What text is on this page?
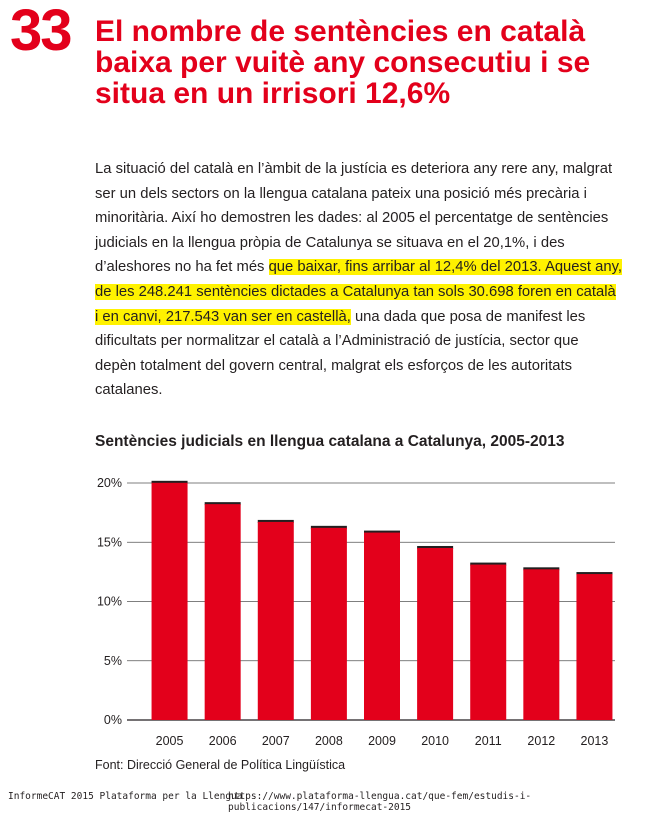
33 El nombre de sentències en català baixa per vuitè any consecutiu i se situa en un irrisori 12,6%
La situació del català en l’àmbit de la justícia es deteriora any rere any, malgrat ser un dels sectors on la llengua catalana pateix una posició més precària i minoritària. Així ho demostren les dades: al 2005 el percentatge de sentències judicials en la llengua pròpia de Catalunya se situava en el 20,1%, i des d’aleshores no ha fet més que baixar, fins arribar al 12,4% del 2013. Aquest any, de les 248.241 sentències dictades a Catalunya tan sols 30.698 foren en català i en canvi, 217.543 van ser en castellà, una dada que posa de manifest les dificultats per normalitzar el català a l’Administració de justícia, sector que depèn totalment del govern central, malgrat els esforços de les autoritats catalanes.
Sentències judicials en llengua catalana a Catalunya, 2005-2013
0%
5%
10%
15%
20%
2005 2006 2007 2008 2009 2010 2011 2012 2013
Font: Direcció General de Política Lingüística
InformeCAT 2015 Plataforma per la Llengua
https://www.plataforma-llengua.cat/que-fem/estudis-i-publicacions/147/informecat-2015
